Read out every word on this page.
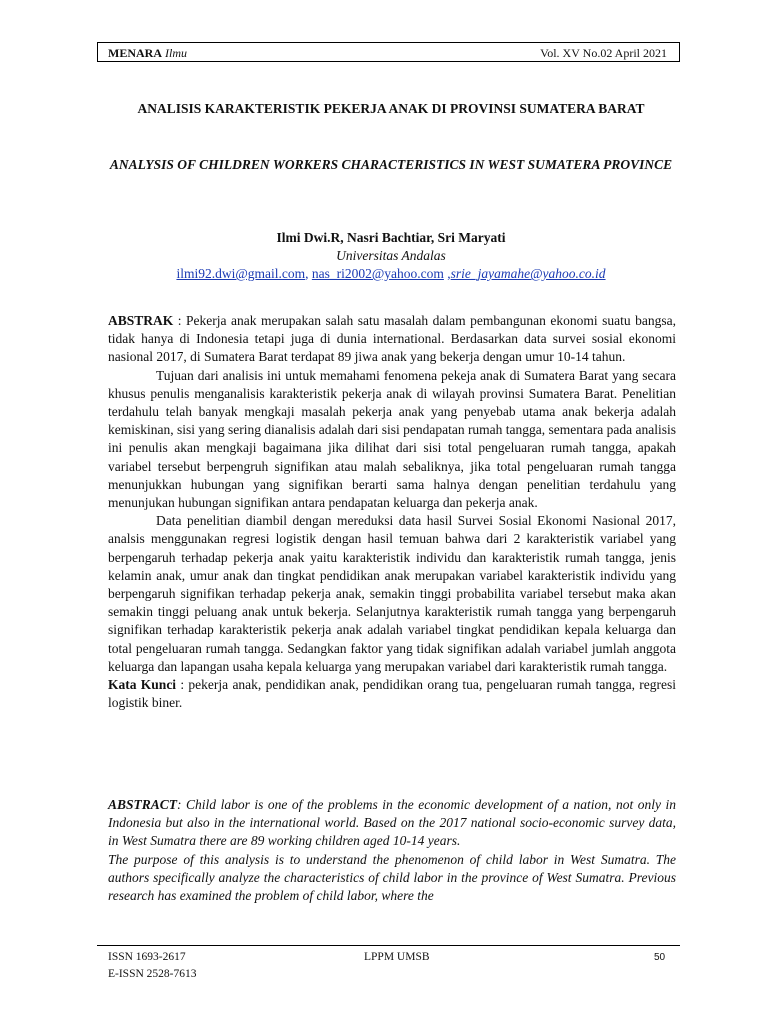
MENARA Ilmu	Vol. XV No.02 April 2021
ANALISIS KARAKTERISTIK PEKERJA ANAK DI PROVINSI SUMATERA BARAT
ANALYSIS OF CHILDREN WORKERS CHARACTERISTICS IN WEST SUMATERA PROVINCE
Ilmi Dwi.R, Nasri Bachtiar, Sri Maryati
Universitas Andalas
ilmi92.dwi@gmail.com, nas_ri2002@yahoo.com ,srie_jayamahe@yahoo.co.id

ABSTRAK : Pekerja anak merupakan salah satu masalah dalam pembangunan ekonomi suatu bangsa, tidak hanya di Indonesia tetapi juga di dunia international. Berdasarkan data survei sosial ekonomi nasional 2017, di Sumatera Barat terdapat 89 jiwa anak yang bekerja dengan umur 10-14 tahun.

Tujuan dari analisis ini untuk memahami fenomena pekeja anak di Sumatera Barat yang secara khusus penulis menganalisis karakteristik pekerja anak di wilayah provinsi Sumatera Barat. Penelitian terdahulu telah banyak mengkaji masalah pekerja anak yang penyebab utama anak bekerja adalah kemiskinan, sisi yang sering dianalisis adalah dari sisi pendapatan rumah tangga, sementara pada analisis ini penulis akan mengkaji bagaimana jika dilihat dari sisi total pengeluaran rumah tangga, apakah variabel tersebut berpengruh signifikan atau malah sebaliknya, jika total pengeluaran rumah tangga menunjukkan hubungan yang signifikan berarti sama halnya dengan penelitian terdahulu yang menunjukan hubungan signifikan antara pendapatan keluarga dan pekerja anak.

Data penelitian diambil dengan mereduksi data hasil Survei Sosial Ekonomi Nasional 2017, analsis menggunakan regresi logistik dengan hasil temuan bahwa dari 2 karakteristik variabel yang berpengaruh terhadap pekerja anak yaitu karakteristik individu dan karakteristik rumah tangga, jenis kelamin anak, umur anak dan tingkat pendidikan anak merupakan variabel karakteristik individu yang berpengaruh signifikan terhadap pekerja anak, semakin tinggi probabilita variabel tersebut maka akan semakin tinggi peluang anak untuk bekerja. Selanjutnya karakteristik rumah tangga yang berpengaruh signifikan terhadap karakteristik pekerja anak adalah variabel tingkat pendidikan kepala keluarga dan total pengeluaran rumah tangga. Sedangkan faktor yang tidak signifikan adalah variabel jumlah anggota keluarga dan lapangan usaha kepala keluarga yang merupakan variabel dari karakteristik rumah tangga.

Kata Kunci : pekerja anak, pendidikan anak, pendidikan orang tua, pengeluaran rumah tangga, regresi logistik biner.

ABSTRACT: Child labor is one of the problems in the economic development of a nation, not only in Indonesia but also in the international world. Based on the 2017 national socio-economic survey data, in West Sumatra there are 89 working children aged 10-14 years.

The purpose of this analysis is to understand the phenomenon of child labor in West Sumatra. The authors specifically analyze the characteristics of child labor in the province of West Sumatra. Previous research has examined the problem of child labor, where the

ISSN 1693-2617
E-ISSN 2528-7613
LPPM UMSB	50
